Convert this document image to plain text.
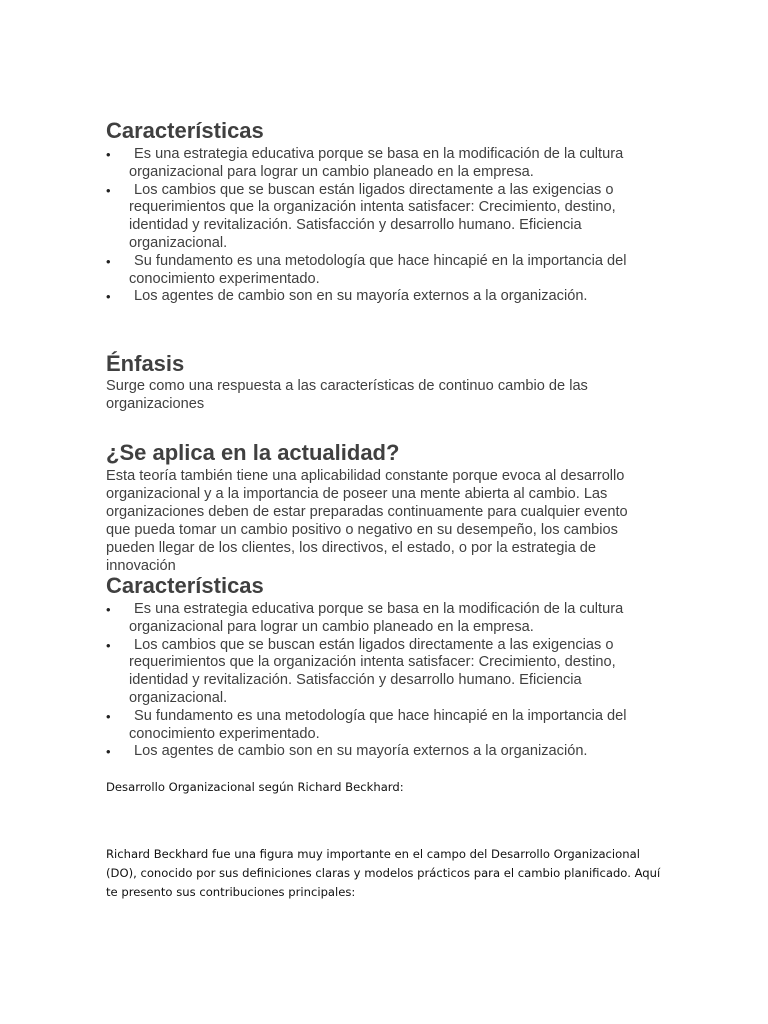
Características
•	Es una estrategia educativa porque se basa en la modificación de la cultura organizacional para lograr un cambio planeado en la empresa.
•	Los cambios que se buscan están ligados directamente a las exigencias o requerimientos que la organización intenta satisfacer: Crecimiento, destino, identidad y revitalización. Satisfacción y desarrollo humano. Eficiencia organizacional.
•	Su fundamento es una metodología que hace hincapié en la importancia del conocimiento experimentado.
•	Los agentes de cambio son en su mayoría externos a la organización.
Énfasis

Surge como una respuesta a las características de continuo cambio de las organizaciones

¿Se aplica en la actualidad?

Esta teoría también tiene una aplicabilidad constante porque evoca al desarrollo organizacional y a la importancia de poseer una mente abierta al cambio. Las organizaciones deben de estar preparadas continuamente para cualquier evento que pueda tomar un cambio positivo o negativo en su desempeño, los cambios pueden llegar de los clientes, los directivos, el estado, o por la estrategia de innovación

Características
•	Es una estrategia educativa porque se basa en la modificación de la cultura organizacional para lograr un cambio planeado en la empresa.
•	Los cambios que se buscan están ligados directamente a las exigencias o requerimientos que la organización intenta satisfacer: Crecimiento, destino, identidad y revitalización. Satisfacción y desarrollo humano. Eficiencia organizacional.
•	Su fundamento es una metodología que hace hincapié en la importancia del conocimiento experimentado.
•	Los agentes de cambio son en su mayoría externos a la organización.

Desarrollo Organizacional según Richard Beckhard:

Richard Beckhard fue una figura muy importante en el campo del Desarrollo Organizacional (DO), conocido por sus definiciones claras y modelos prácticos para el cambio planificado. Aquí te presento sus contribuciones principales:
